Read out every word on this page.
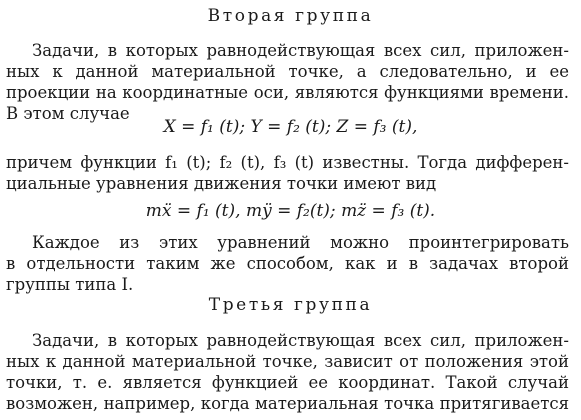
Вторая группа
Задачи, в которых равнодействующая всех сил, приложен-
ных к данной материальной точке, а следовательно, и ее
проекции на координатные оси, являются функциями времени.
В этом случае
X = f₁ (t); Y = f₂ (t); Z = f₃ (t),
причем функции f₁ (t); f₂ (t), f₃ (t) известны. Тогда дифферен-
циальные уравнения движения точки имеют вид
mẍ = f₁ (t), mÿ = f₂(t); mz̈ = f₃ (t).
Каждое из этих уравнений можно проинтегрировать
в отдельности таким же способом, как и в задачах второй
группы типа I.
Третья группа
Задачи, в которых равнодействующая всех сил, приложен-
ных к данной материальной точке, зависит от положения этой
точки, т. е. является функцией ее координат. Такой случай
возможен, например, когда материальная точка притягивается
